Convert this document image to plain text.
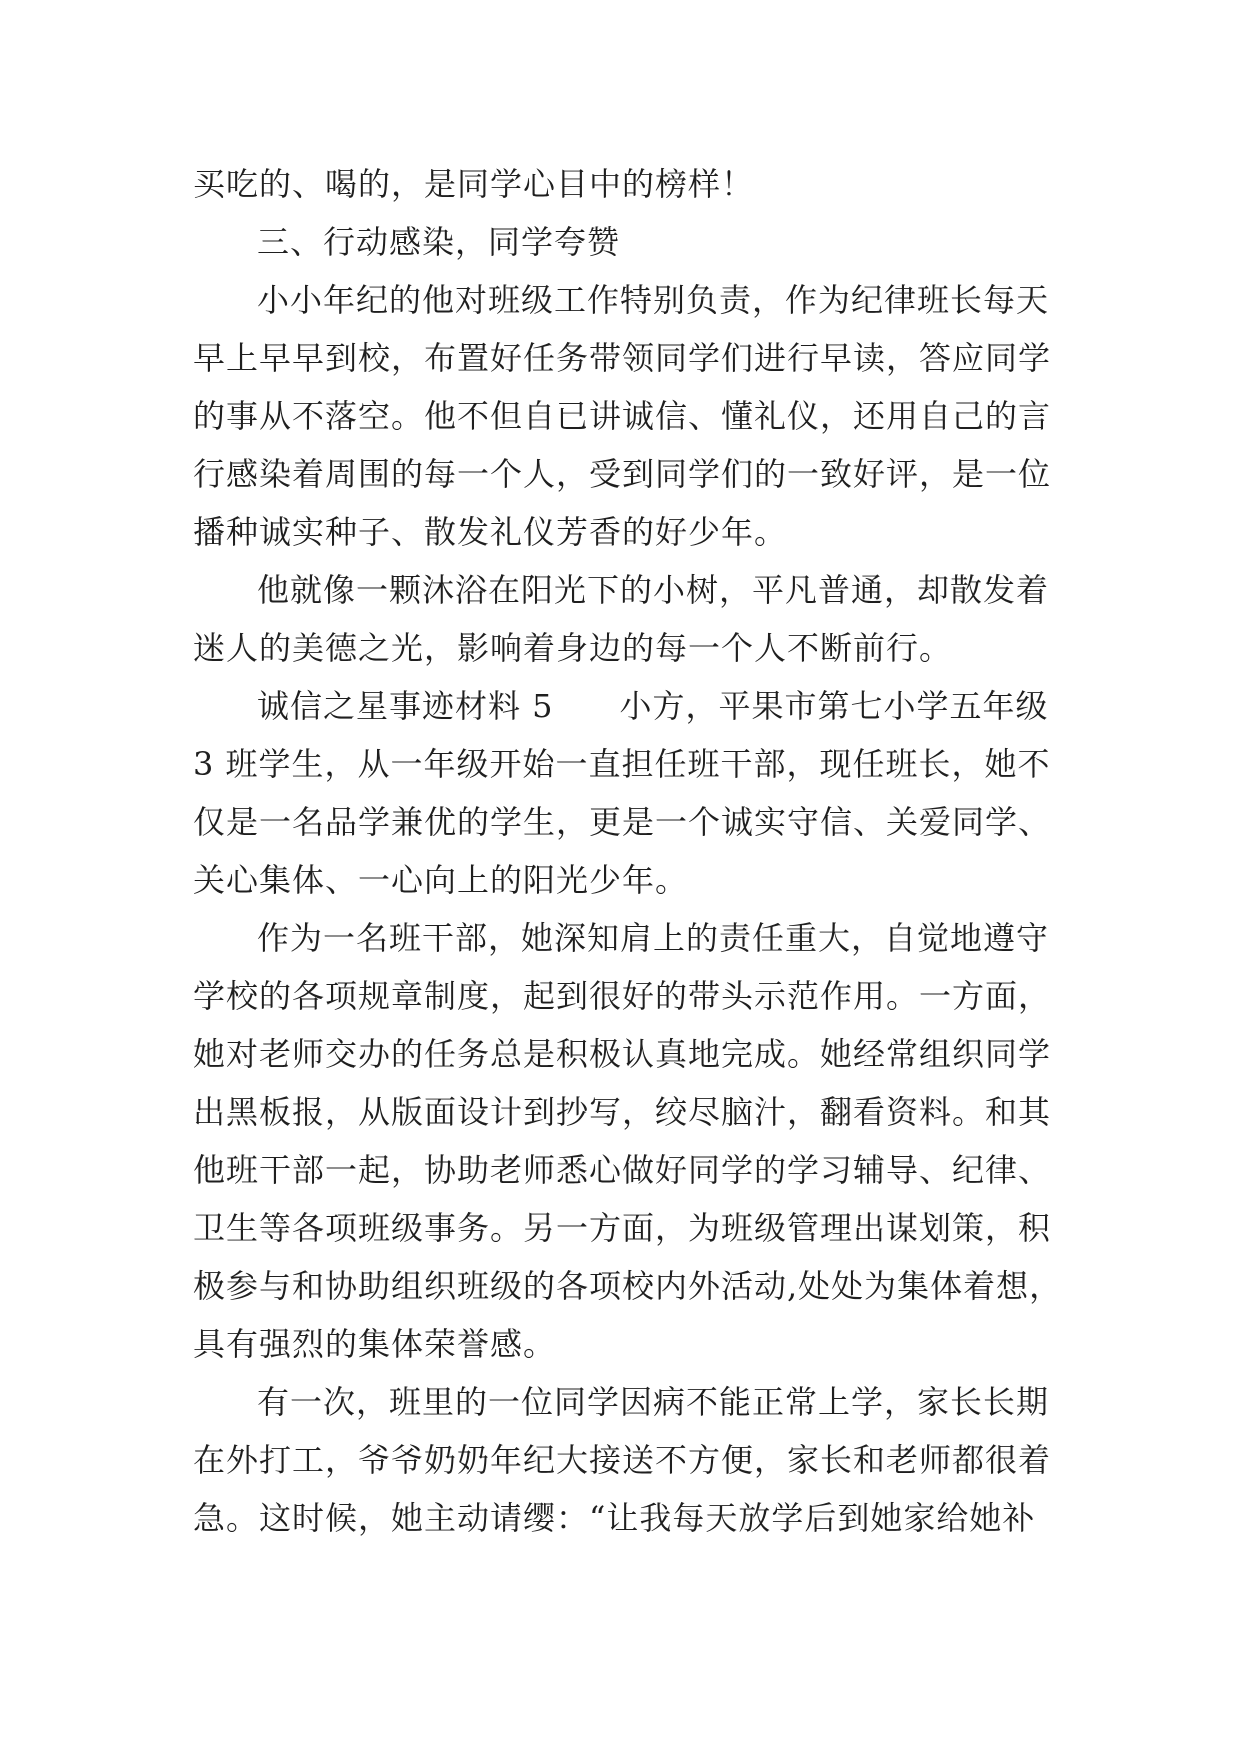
买吃的、喝的，是同学心目中的榜样！
三、行动感染，同学夸赞
小小年纪的他对班级工作特别负责，作为纪律班长每天
早上早早到校，布置好任务带领同学们进行早读，答应同学
的事从不落空。他不但自已讲诚信、懂礼仪，还用自己的言
行感染着周围的每一个人，受到同学们的一致好评，是一位
播种诚实种子、散发礼仪芳香的好少年。
他就像一颗沐浴在阳光下的小树，平凡普通，却散发着
迷人的美德之光，影响着身边的每一个人不断前行。
诚信之星事迹材料 5　　小方，平果市第七小学五年级
3 班学生，从一年级开始一直担任班干部，现任班长，她不
仅是一名品学兼优的学生，更是一个诚实守信、关爱同学、
关心集体、一心向上的阳光少年。
作为一名班干部，她深知肩上的责任重大，自觉地遵守
学校的各项规章制度，起到很好的带头示范作用。一方面，
她对老师交办的任务总是积极认真地完成。她经常组织同学
出黑板报，从版面设计到抄写，绞尽脑汁，翻看资料。和其
他班干部一起，协助老师悉心做好同学的学习辅导、纪律、
卫生等各项班级事务。另一方面，为班级管理出谋划策，积
极参与和协助组织班级的各项校内外活动,处处为集体着想，
具有强烈的集体荣誉感。
有一次，班里的一位同学因病不能正常上学，家长长期
在外打工，爷爷奶奶年纪大接送不方便，家长和老师都很着
急。这时候，她主动请缨：“让我每天放学后到她家给她补
